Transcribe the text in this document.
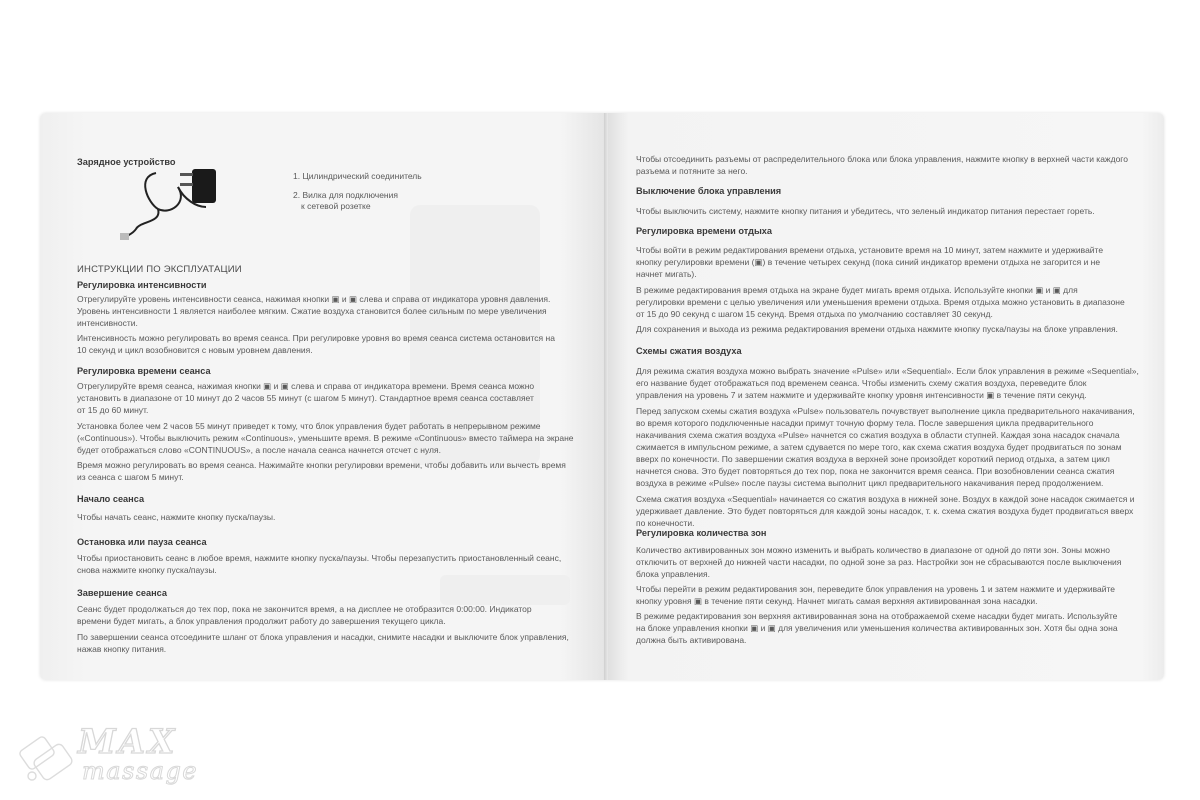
Зарядное устройство

1. Цилиндрический соединитель

2. Вилка для подключения

к сетевой розетке

ИНСТРУКЦИИ ПО ЭКСПЛУАТАЦИИ

Регулировка интенсивности

Отрегулируйте уровень интенсивности сеанса, нажимая кнопки ▣ и ▣ слева и справа от индикатора уровня давления.

Уровень интенсивности 1 является наиболее мягким. Сжатие воздуха становится более сильным по мере увеличения

интенсивности.

Интенсивность можно регулировать во время сеанса. При регулировке уровня во время сеанса система остановится на

10 секунд и цикл возобновится с новым уровнем давления.

Регулировка времени сеанса

Отрегулируйте время сеанса, нажимая кнопки ▣ и ▣ слева и справа от индикатора времени. Время сеанса можно

установить в диапазоне от 10 минут до 2 часов 55 минут (с шагом 5 минут). Стандартное время сеанса составляет

от 15 до 60 минут.

Установка более чем 2 часов 55 минут приведет к тому, что блок управления будет работать в непрерывном режиме

(«Continuous»). Чтобы выключить режим «Continuous», уменьшите время. В режиме «Continuous» вместо таймера на экране

будет отображаться слово «CONTINUOUS», а после начала сеанса начнется отсчет с нуля.

Время можно регулировать во время сеанса. Нажимайте кнопки регулировки времени, чтобы добавить или вычесть время

из сеанса с шагом 5 минут.

Начало сеанса

Чтобы начать сеанс, нажмите кнопку пуска/паузы.

Остановка или пауза сеанса

Чтобы приостановить сеанс в любое время, нажмите кнопку пуска/паузы. Чтобы перезапустить приостановленный сеанс,

снова нажмите кнопку пуска/паузы.

Завершение сеанса

Сеанс будет продолжаться до тех пор, пока не закончится время, а на дисплее не отобразится 0:00:00. Индикатор

времени будет мигать, а блок управления продолжит работу до завершения текущего цикла.

По завершении сеанса отсоедините шланг от блока управления и насадки, снимите насадки и выключите блок управления,

нажав кнопку питания.

Чтобы отсоединить разъемы от распределительного блока или блока управления, нажмите кнопку в верхней части каждого

разъема и потяните за него.

Выключение блока управления

Чтобы выключить систему, нажмите кнопку питания и убедитесь, что зеленый индикатор питания перестает гореть.

Регулировка времени отдыха

Чтобы войти в режим редактирования времени отдыха, установите время на 10 минут, затем нажмите и удерживайте

кнопку регулировки времени (▣) в течение четырех секунд (пока синий индикатор времени отдыха не загорится и не

начнет мигать).

В режиме редактирования время отдыха на экране будет мигать время отдыха. Используйте кнопки ▣ и ▣ для

регулировки времени с целью увеличения или уменьшения времени отдыха. Время отдыха можно установить в диапазоне

от 15 до 90 секунд с шагом 15 секунд. Время отдыха по умолчанию составляет 30 секунд.

Для сохранения и выхода из режима редактирования времени отдыха нажмите кнопку пуска/паузы на блоке управления.

Схемы сжатия воздуха

Для режима сжатия воздуха можно выбрать значение «Pulse» или «Sequential». Если блок управления в режиме «Sequential»,

его название будет отображаться под временем сеанса. Чтобы изменить схему сжатия воздуха, переведите блок

управления на уровень 7 и затем нажмите и удерживайте кнопку уровня интенсивности ▣ в течение пяти секунд.

Перед запуском схемы сжатия воздуха «Pulse» пользователь почувствует выполнение цикла предварительного накачивания,

во время которого подключенные насадки примут точную форму тела. После завершения цикла предварительного

накачивания схема сжатия воздуха «Pulse» начнется со сжатия воздуха в области ступней. Каждая зона насадок сначала

сжимается в импульсном режиме, а затем сдувается по мере того, как схема сжатия воздуха будет продвигаться по зонам

вверх по конечности. По завершении сжатия воздуха в верхней зоне произойдет короткий период отдыха, а затем цикл

начнется снова. Это будет повторяться до тех пор, пока не закончится время сеанса. При возобновлении сеанса сжатия

воздуха в режиме «Pulse» после паузы система выполнит цикл предварительного накачивания перед продолжением.

Схема сжатия воздуха «Sequential» начинается со сжатия воздуха в нижней зоне. Воздух в каждой зоне насадок сжимается и

удерживает давление. Это будет повторяться для каждой зоны насадок, т. к. схема сжатия воздуха будет продвигаться вверх

по конечности.

Регулировка количества зон

Количество активированных зон можно изменить и выбрать количество в диапазоне от одной до пяти зон. Зоны можно

отключить от верхней до нижней части насадки, по одной зоне за раз. Настройки зон не сбрасываются после выключения

блока управления.

Чтобы перейти в режим редактирования зон, переведите блок управления на уровень 1 и затем нажмите и удерживайте

кнопку уровня ▣ в течение пяти секунд. Начнет мигать самая верхняя активированная зона насадки.

В режиме редактирования зон верхняя активированная зона на отображаемой схеме насадки будет мигать. Используйте

на блоке управления кнопки ▣ и ▣ для увеличения или уменьшения количества активированных зон. Хотя бы одна зона

должна быть активирована.

MAX

massage
